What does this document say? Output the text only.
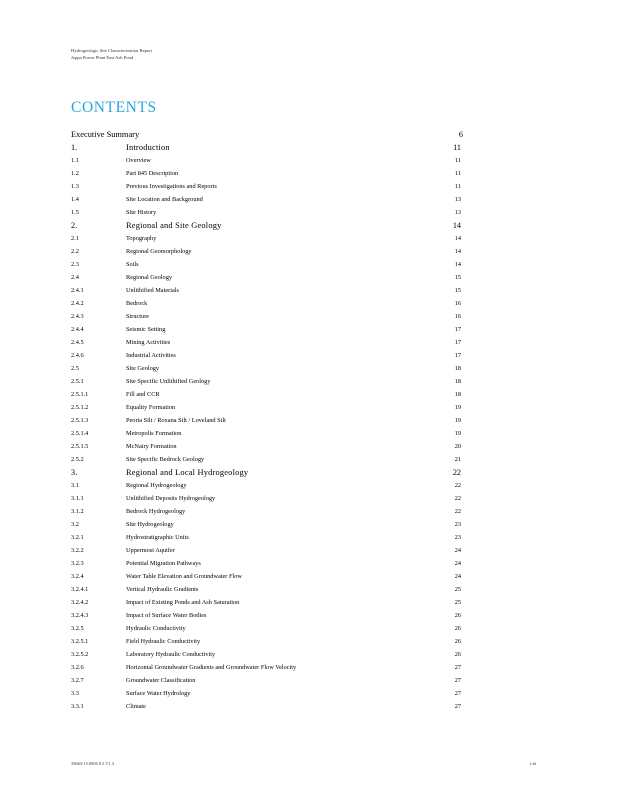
Hydrogeologic Site Characterization Report
Joppa Power Plant East Ash Pond
CONTENTS
Executive Summary	6
1.	Introduction	11
1.1	Overview	11
1.2	Part 845 Description	11
1.3	Previous Investigations and Reports	11
1.4	Site Location and Background	13
1.5	Site History	13
2.	Regional and Site Geology	14
2.1	Topography	14
2.2	Regional Geomorphology	14
2.3	Soils	14
2.4	Regional Geology	15
2.4.1	Unlithified Materials	15
2.4.2	Bedrock	16
2.4.3	Structure	16
2.4.4	Seismic Setting	17
2.4.5	Mining Activities	17
2.4.6	Industrial Activities	17
2.5	Site Geology	18
2.5.1	Site Specific Unlithified Geology	18
2.5.1.1	Fill and CCR	18
2.5.1.2	Equality Formation	19
2.5.1.3	Peoria Silt / Roxana Silt / Loveland Silt	19
2.5.1.4	Metropolis Formation	19
2.5.1.5	McNairy Formation	20
2.5.2	Site Specific Bedrock Geology	21
3.	Regional and Local Hydrogeology	22
3.1	Regional Hydrogeology	22
3.1.1	Unlithified Deposits Hydrogeology	22
3.1.2	Bedrock Hydrogeology	22
3.2	Site Hydrogeology	23
3.2.1	Hydrostratigraphic Units	23
3.2.2	Uppermost Aquifer	24
3.2.3	Potential Migration Pathways	24
3.2.4	Water Table Elevation and Groundwater Flow	24
3.2.4.1	Vertical Hydraulic Gradients	25
3.2.4.2	Impact of Existing Ponds and Ash Saturation	25
3.2.4.3	Impact of Surface Water Bodies	26
3.2.5	Hydraulic Conductivity	26
3.2.5.1	Field Hydraulic Conductivity	26
3.2.5.2	Laboratory Hydraulic Conductivity	26
3.2.6	Horizontal Groundwater Gradients and Groundwater Flow Velocity	27
3.2.7	Groundwater Classification	27
3.3	Surface Water Hydrology	27
3.3.1	Climate	27
35663-15.0004 0.5 V1.3	i-iii
